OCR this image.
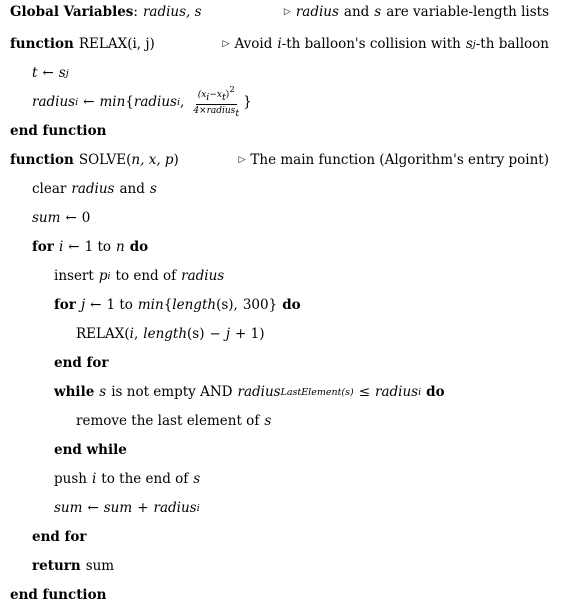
Global Variables : radius, s	▷ radius and s are variable-length lists
function RELAX (i, j)	▷ Avoid i -th balloon's collision with s j -th balloon
t ← s j
radius i ← min { radius i , $\frac{(x_i-x_t)^2}{4\times radius_t}$ }
end function
function SOLVE ( n, x, p )	▷ The main function (Algorithm's entry point)
clear radius and s
sum ← 0
for i ← 1 to n do
insert p i to end of radius
for j ← 1 to min { length (s), 300 } do
RELAX ( i , length (s) − j + 1)
end for
while s is not empty AND radius LastElement(s) ≤ radius i do
remove the last element of s
end while
push i to the end of s
sum ← sum + radius i
end for
return sum
end function
